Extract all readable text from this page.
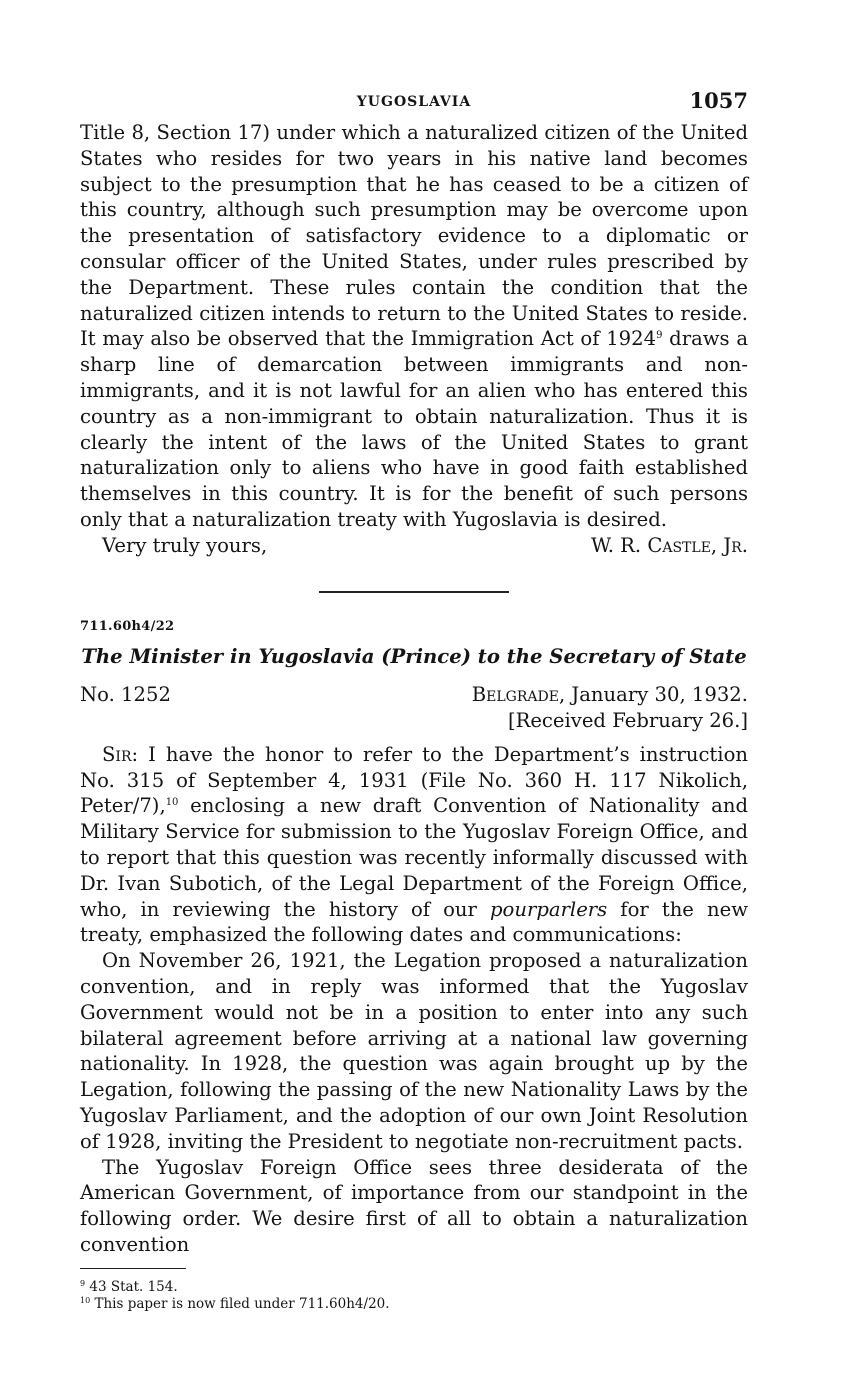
YUGOSLAVIA	1057

Title 8, Section 17) under which a naturalized citizen of the United States who resides for two years in his native land becomes subject to the presumption that he has ceased to be a citizen of this country, although such presumption may be overcome upon the presentation of satisfactory evidence to a diplomatic or consular officer of the United States, under rules prescribed by the Department. These rules contain the condition that the naturalized citizen intends to return to the United States to reside. It may also be observed that the Immigration Act of 1924$^9$ draws a sharp line of demarcation between immigrants and non-immigrants, and it is not lawful for an alien who has entered this country as a non-immigrant to obtain naturalization. Thus it is clearly the intent of the laws of the United States to grant naturalization only to aliens who have in good faith established themselves in this country. It is for the benefit of such persons only that a naturalization treaty with Yugoslavia is desired.

Very truly yours,	W. R. Castle, Jr.
711.60h4/22
The Minister in Yugoslavia (Prince) to the Secretary of State
No. 1252	Belgrade, January 30, 1932.
[Received February 26.]

Sir: I have the honor to refer to the Department’s instruction No. 315 of September 4, 1931 (File No. 360 H. 117 Nikolich, Peter/7),$^{10}$ enclosing a new draft Convention of Nationality and Military Service for submission to the Yugoslav Foreign Office, and to report that this question was recently informally discussed with Dr. Ivan Subotich, of the Legal Department of the Foreign Office, who, in reviewing the history of our pourparlers for the new treaty, emphasized the following dates and communications:

On November 26, 1921, the Legation proposed a naturalization convention, and in reply was informed that the Yugoslav Government would not be in a position to enter into any such bilateral agreement before arriving at a national law governing nationality. In 1928, the question was again brought up by the Legation, following the passing of the new Nationality Laws by the Yugoslav Parliament, and the adoption of our own Joint Resolution of 1928, inviting the President to negotiate non-recruitment pacts.

The Yugoslav Foreign Office sees three desiderata of the American Government, of importance from our standpoint in the following order. We desire first of all to obtain a naturalization convention

$^9$ 43 Stat. 154.
$^{10}$ This paper is now filed under 711.60h4/20.
